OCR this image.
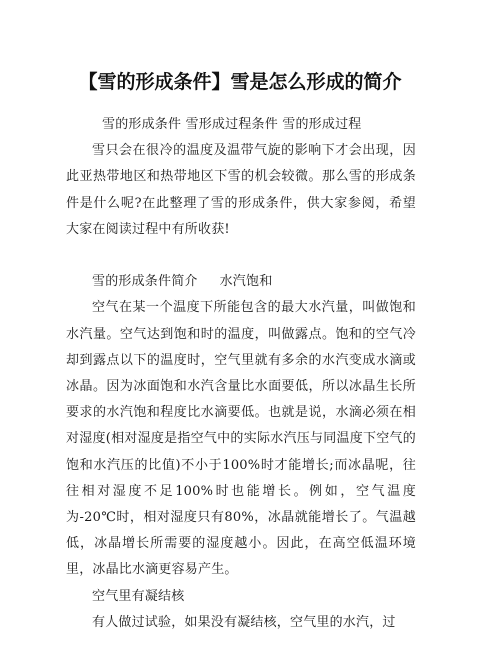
【雪的形成条件】雪是怎么形成的简介

雪的形成条件 雪形成过程条件 雪的形成过程

雪只会在很冷的温度及温带气旋的影响下才会出现，因此亚热带地区和热带地区下雪的机会较微。那么雪的形成条件是什么呢?在此整理了雪的形成条件，供大家参阅，希望大家在阅读过程中有所收获!

雪的形成条件简介 水汽饱和

空气在某一个温度下所能包含的最大水汽量，叫做饱和水汽量。空气达到饱和时的温度，叫做露点。饱和的空气冷却到露点以下的温度时，空气里就有多余的水汽变成水滴或冰晶。因为冰面饱和水汽含量比水面要低，所以冰晶生长所要求的水汽饱和程度比水滴要低。也就是说，水滴必须在相对湿度(相对湿度是指空气中的实际水汽压与同温度下空气的饱和水汽压的比值)不小于100%时才能增长;而冰晶呢，往往相对湿度不足100%时也能增长。例如，空气温度为-20℃时，相对湿度只有80%，冰晶就能增长了。气温越低，冰晶增长所需要的湿度越小。因此，在高空低温环境里，冰晶比水滴更容易产生。

空气里有凝结核

有人做过试验，如果没有凝结核，空气里的水汽，过
